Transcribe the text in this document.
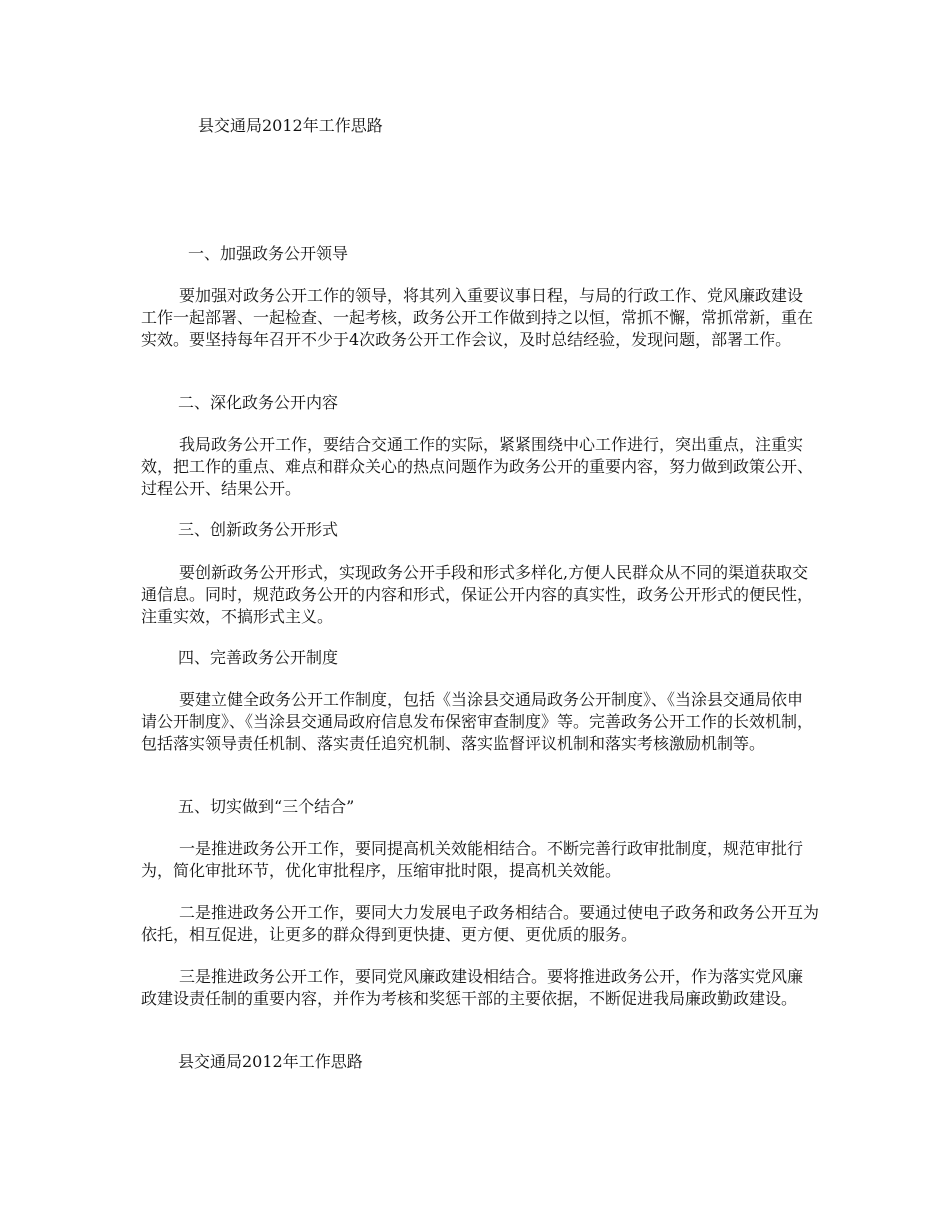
县交通局2012年工作思路
一、加强政务公开领导
要加强对政务公开工作的领导，将其列入重要议事日程，与局的行政工作、党风廉政建设工作一起部署、一起检查、一起考核，政务公开工作做到持之以恒，常抓不懈，常抓常新，重在实效。要坚持每年召开不少于4次政务公开工作会议，及时总结经验，发现问题，部署工作。
二、深化政务公开内容
我局政务公开工作，要结合交通工作的实际，紧紧围绕中心工作进行，突出重点，注重实效，把工作的重点、难点和群众关心的热点问题作为政务公开的重要内容，努力做到政策公开、过程公开、结果公开。
三、创新政务公开形式
要创新政务公开形式，实现政务公开手段和形式多样化,方便人民群众从不同的渠道获取交通信息。同时，规范政务公开的内容和形式，保证公开内容的真实性，政务公开形式的便民性，注重实效，不搞形式主义。
四、完善政务公开制度
要建立健全政务公开工作制度，包括《当涂县交通局政务公开制度》、《当涂县交通局依申请公开制度》、《当涂县交通局政府信息发布保密审查制度》等。完善政务公开工作的长效机制，包括落实领导责任机制、落实责任追究机制、落实监督评议机制和落实考核激励机制等。
五、切实做到“三个结合”
一是推进政务公开工作，要同提高机关效能相结合。不断完善行政审批制度，规范审批行为，简化审批环节，优化审批程序，压缩审批时限，提高机关效能。
二是推进政务公开工作，要同大力发展电子政务相结合。要通过使电子政务和政务公开互为依托，相互促进，让更多的群众得到更快捷、更方便、更优质的服务。
三是推进政务公开工作，要同党风廉政建设相结合。要将推进政务公开，作为落实党风廉政建设责任制的重要内容，并作为考核和奖惩干部的主要依据，不断促进我局廉政勤政建设。
县交通局2012年工作思路
